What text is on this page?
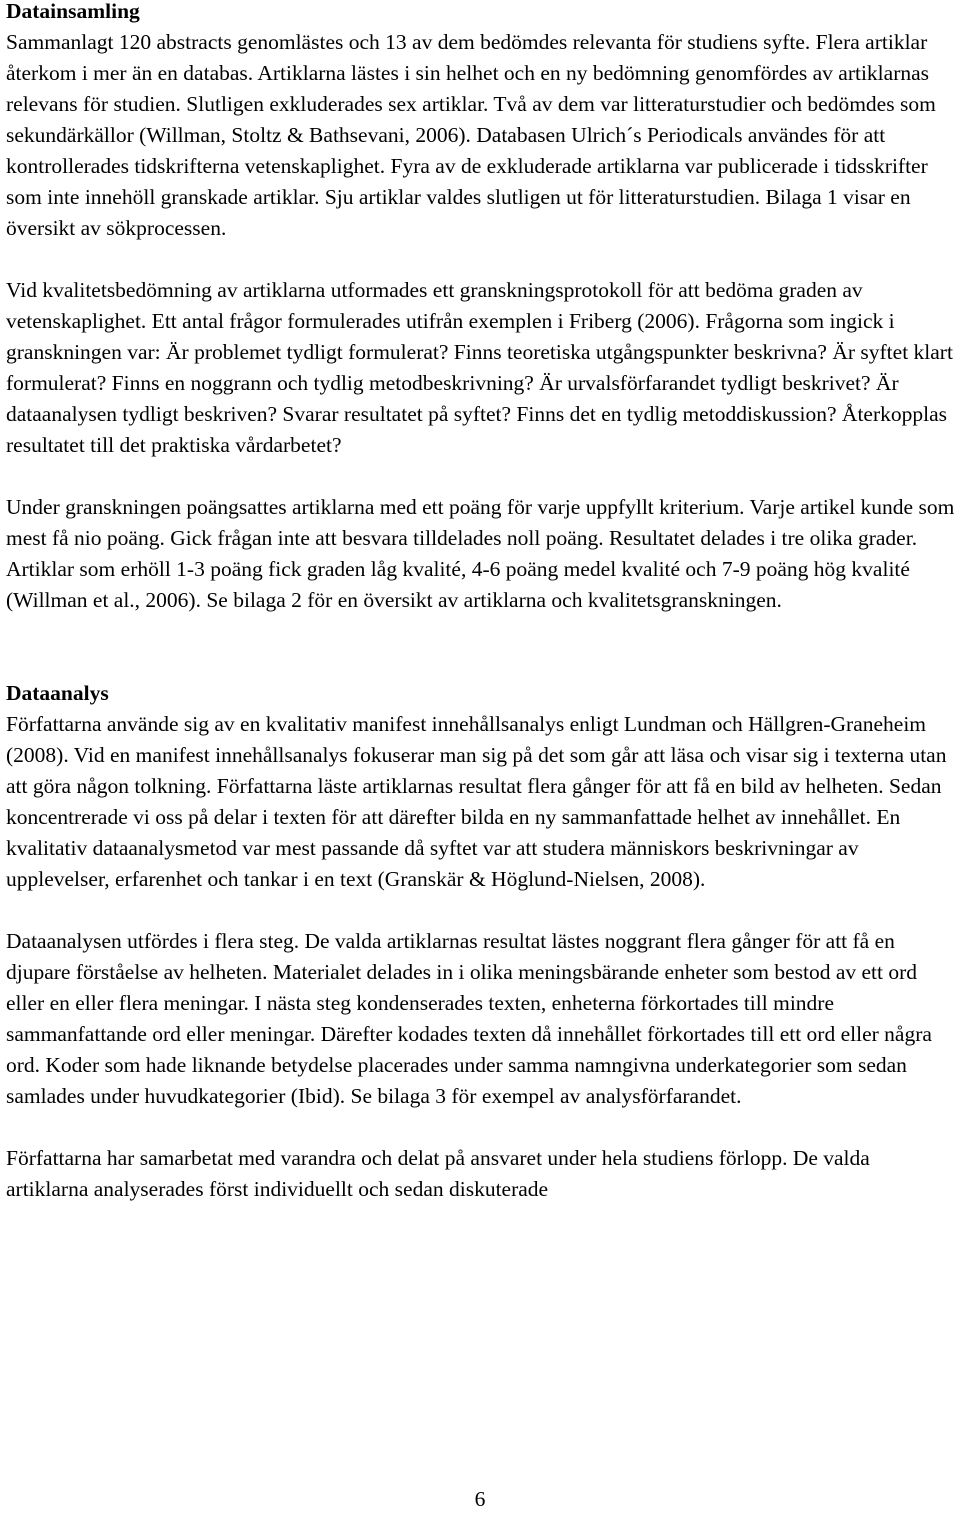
Datainsamling

Sammanlagt 120 abstracts genomlästes och 13 av dem bedömdes relevanta för studiens syfte. Flera artiklar återkom i mer än en databas. Artiklarna lästes i sin helhet och en ny bedömning genomfördes av artiklarnas relevans för studien. Slutligen exkluderades sex artiklar. Två av dem var litteraturstudier och bedömdes som sekundärkällor (Willman, Stoltz & Bathsevani, 2006). Databasen Ulrich´s Periodicals användes för att kontrollerades tidskrifterna vetenskaplighet. Fyra av de exkluderade artiklarna var publicerade i tidsskrifter som inte innehöll granskade artiklar. Sju artiklar valdes slutligen ut för litteraturstudien. Bilaga 1 visar en översikt av sökprocessen.

Vid kvalitetsbedömning av artiklarna utformades ett granskningsprotokoll för att bedöma graden av vetenskaplighet. Ett antal frågor formulerades utifrån exemplen i Friberg (2006). Frågorna som ingick i granskningen var: Är problemet tydligt formulerat? Finns teoretiska utgångspunkter beskrivna? Är syftet klart formulerat? Finns en noggrann och tydlig metodbeskrivning? Är urvalsförfarandet tydligt beskrivet? Är dataanalysen tydligt beskriven? Svarar resultatet på syftet? Finns det en tydlig metoddiskussion? Återkopplas resultatet till det praktiska vårdarbetet?

Under granskningen poängsattes artiklarna med ett poäng för varje uppfyllt kriterium. Varje artikel kunde som mest få nio poäng. Gick frågan inte att besvara tilldelades noll poäng. Resultatet delades i tre olika grader. Artiklar som erhöll 1-3 poäng fick graden låg kvalité, 4-6 poäng medel kvalité och 7-9 poäng hög kvalité (Willman et al., 2006). Se bilaga 2 för en översikt av artiklarna och kvalitetsgranskningen.

Dataanalys

Författarna använde sig av en kvalitativ manifest innehållsanalys enligt Lundman och Hällgren-Graneheim (2008). Vid en manifest innehållsanalys fokuserar man sig på det som går att läsa och visar sig i texterna utan att göra någon tolkning. Författarna läste artiklarnas resultat flera gånger för att få en bild av helheten. Sedan koncentrerade vi oss på delar i texten för att därefter bilda en ny sammanfattade helhet av innehållet. En kvalitativ dataanalysmetod var mest passande då syftet var att studera människors beskrivningar av upplevelser, erfarenhet och tankar i en text (Granskär & Höglund-Nielsen, 2008).

Dataanalysen utfördes i flera steg. De valda artiklarnas resultat lästes noggrant flera gånger för att få en djupare förståelse av helheten. Materialet delades in i olika meningsbärande enheter som bestod av ett ord eller en eller flera meningar. I nästa steg kondenserades texten, enheterna förkortades till mindre sammanfattande ord eller meningar. Därefter kodades texten då innehållet förkortades till ett ord eller några ord. Koder som hade liknande betydelse placerades under samma namngivna underkategorier som sedan samlades under huvudkategorier (Ibid). Se bilaga 3 för exempel av analysförfarandet.

Författarna har samarbetat med varandra och delat på ansvaret under hela studiens förlopp. De valda artiklarna analyserades först individuellt och sedan diskuterade

6
